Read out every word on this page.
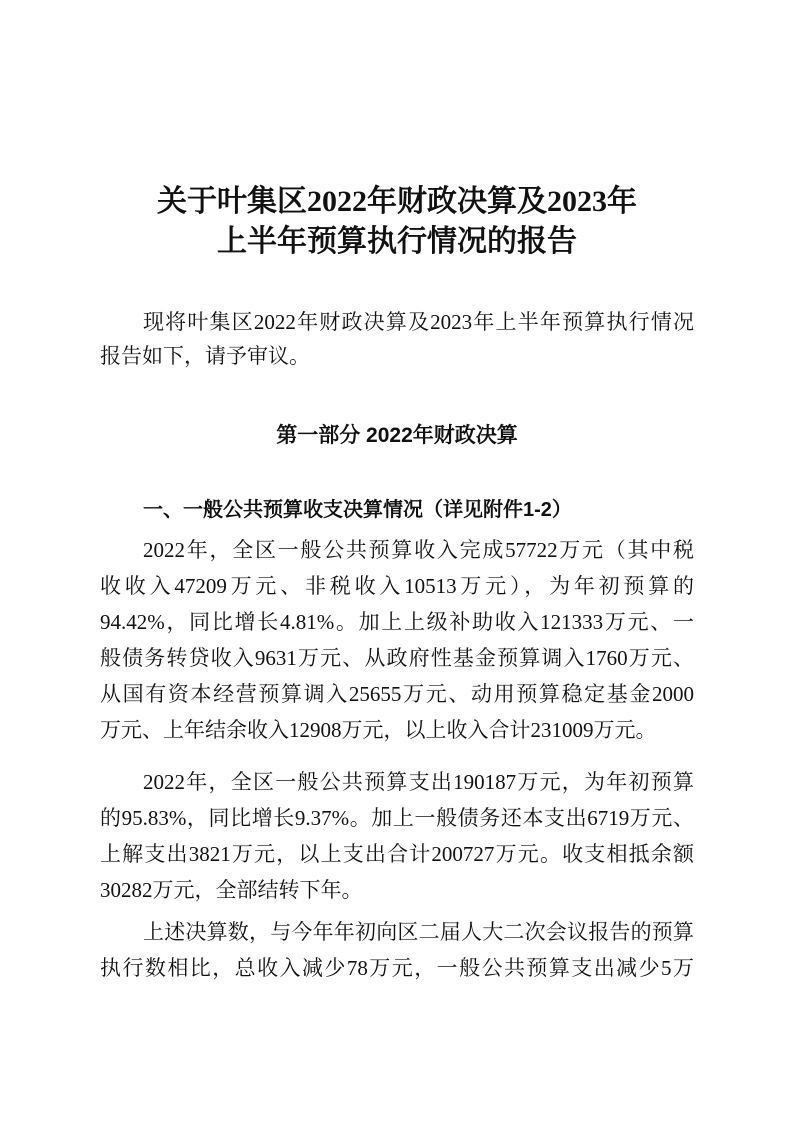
关于叶集区2022年财政决算及2023年
上半年预算执行情况的报告
现将叶集区2022年财政决算及2023年上半年预算执行情况
报告如下，请予审议。
第一部分 2022年财政决算
一、一般公共预算收支决算情况（详见附件1-2）
2022年，全区一般公共预算收入完成57722万元（其中税
收收入47209万元、非税收入10513万元），为年初预算的
94.42%，同比增长4.81%。加上上级补助收入121333万元、一
般债务转贷收入9631万元、从政府性基金预算调入1760万元、
从国有资本经营预算调入25655万元、动用预算稳定基金2000
万元、上年结余收入12908万元，以上收入合计231009万元。
2022年，全区一般公共预算支出190187万元，为年初预算
的95.83%，同比增长9.37%。加上一般债务还本支出6719万元、
上解支出3821万元，以上支出合计200727万元。收支相抵余额
30282万元，全部结转下年。
上述决算数，与今年年初向区二届人大二次会议报告的预算
执行数相比，总收入减少78万元，一般公共预算支出减少5万
